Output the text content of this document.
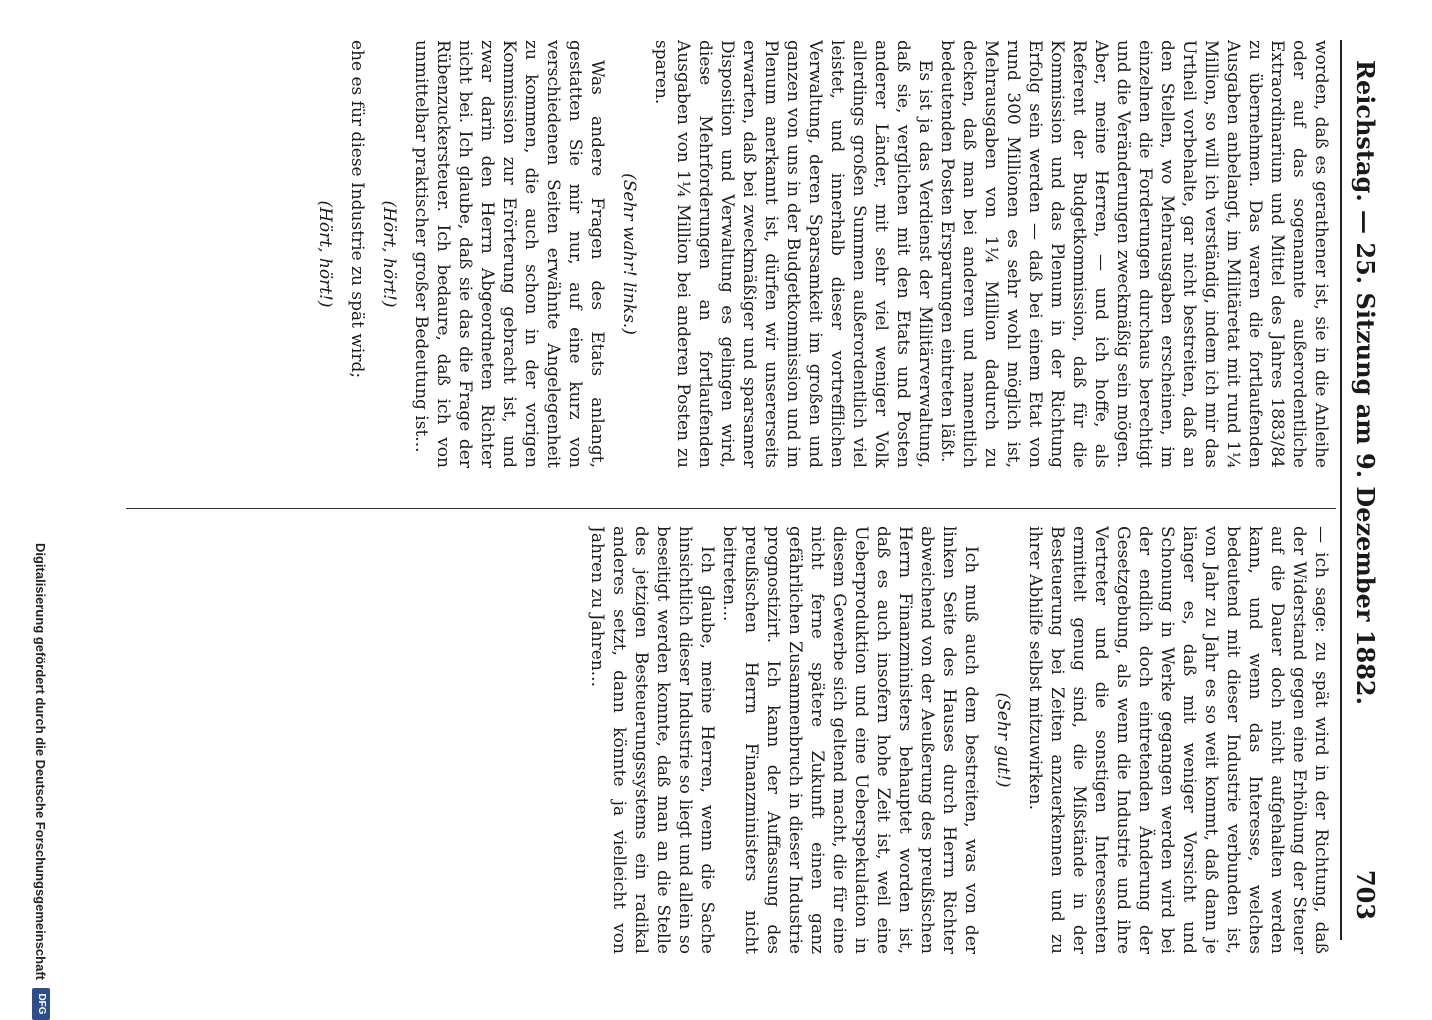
Reichstag. — 25. Sitzung am 9. Dezember 1882.
703

worden, daß es gerathener ist, sie in die Anleihe oder auf das sogenannte außerordentliche Extraordinarium und Mittel des Jahres 1883/84 zu übernehmen. Das waren die fortlaufenden Ausgaben anbelangt, im Militäretat mit rund 1¼ Million, so will ich verständig, indem ich mir das Urtheil vorbehalte, gar nicht bestreiten, daß an den Stellen, wo Mehrausgaben erscheinen, im einzelnen die Forderungen durchaus berechtigt und die Veränderungen zweckmäßig sein mögen. Aber, meine Herren, — und ich hoffe, als Referent der Budgetkommission, daß für die Kommission und das Plenum in der Richtung Erfolg sein werden — daß bei einem Etat von rund 300 Millionen es sehr wohl möglich ist, Mehrausgaben von 1¼ Million dadurch zu decken, daß man bei anderen und namentlich bedeutenden Posten Ersparungen eintreten läßt.

Es ist ja das Verdienst der Militärverwaltung, daß sie, verglichen mit den Etats und Posten anderer Länder, mit sehr viel weniger Volk allerdings großen Summen außerordentlich viel leistet, und innerhalb dieser vortrefflichen Verwaltung, deren Sparsamkeit im großen und ganzen von uns in der Budgetkommission und im Plenum anerkannt ist, dürfen wir unsererseits erwarten, daß bei zweckmäßiger und sparsamer Disposition und Verwaltung es gelingen wird, diese Mehrforderungen an fortlaufenden Ausgaben von 1¼ Million bei anderen Posten zu sparen.

(Sehr wahr! links.)

Was andere Fragen des Etats anlangt, gestatten Sie mir nur, auf eine kurz von verschiedenen Seiten erwähnte Angelegenheit zu kommen, die auch schon in der vorigen Kommission zur Erörterung gebracht ist, und zwar darin den Herrn Abgeordneten Richter nicht bei. Ich glaube, daß sie das die Frage der Rübenzuckersteuer. Ich bedaure, daß ich von unmittelbar praktischer großer Bedeutung ist...

(Hört, hört!)

ehe es für diese Industrie zu spät wird;

(Hört, hört!)

— ich sage: zu spät wird in der Richtung, daß der Widerstand gegen eine Erhöhung der Steuer auf die Dauer doch nicht aufgehalten werden kann, und wenn das Interesse, welches bedeutend mit dieser Industrie verbunden ist, von Jahr zu Jahr es so weit kommt, daß dann je länger es, daß mit weniger Vorsicht und Schonung in Werke gegangen werden wird bei der endlich doch eintretenden Änderung der Gesetzgebung, als wenn die Industrie und ihre Vertreter und die sonstigen Interessenten ermittelt genug sind, die Mißstände in der Besteuerung bei Zeiten anzuerkennen und zu ihrer Abhilfe selbst mitzuwirken.

(Sehr gut!)

Ich muß auch dem bestreiten, was von der linken Seite des Hauses durch Herrn Richter abweichend von der Aeußerung des preußischen Herrn Finanzministers behauptet worden ist, daß es auch insofern hohe Zeit ist, weil eine Ueberproduktion und eine Ueberspekulation in diesem Gewerbe sich geltend macht, die für eine nicht ferne spätere Zukunft einen ganz gefährlichen Zusammenbruch in dieser Industrie prognostizirt. Ich kann der Auffassung des preußischen Herrn Finanzministers nicht beitreten...

Ich glaube, meine Herren, wenn die Sache hinsichtlich dieser Industrie so liegt und allein so beseitigt werden konnte, daß man an die Stelle des jetzigen Besteuerungssystems ein radikal anderes setzt, dann könnte ja vielleicht von Jahren zu Jahren...

Digitalisierung gefördert durch die Deutsche Forschungsgemeinschaft
DFG
